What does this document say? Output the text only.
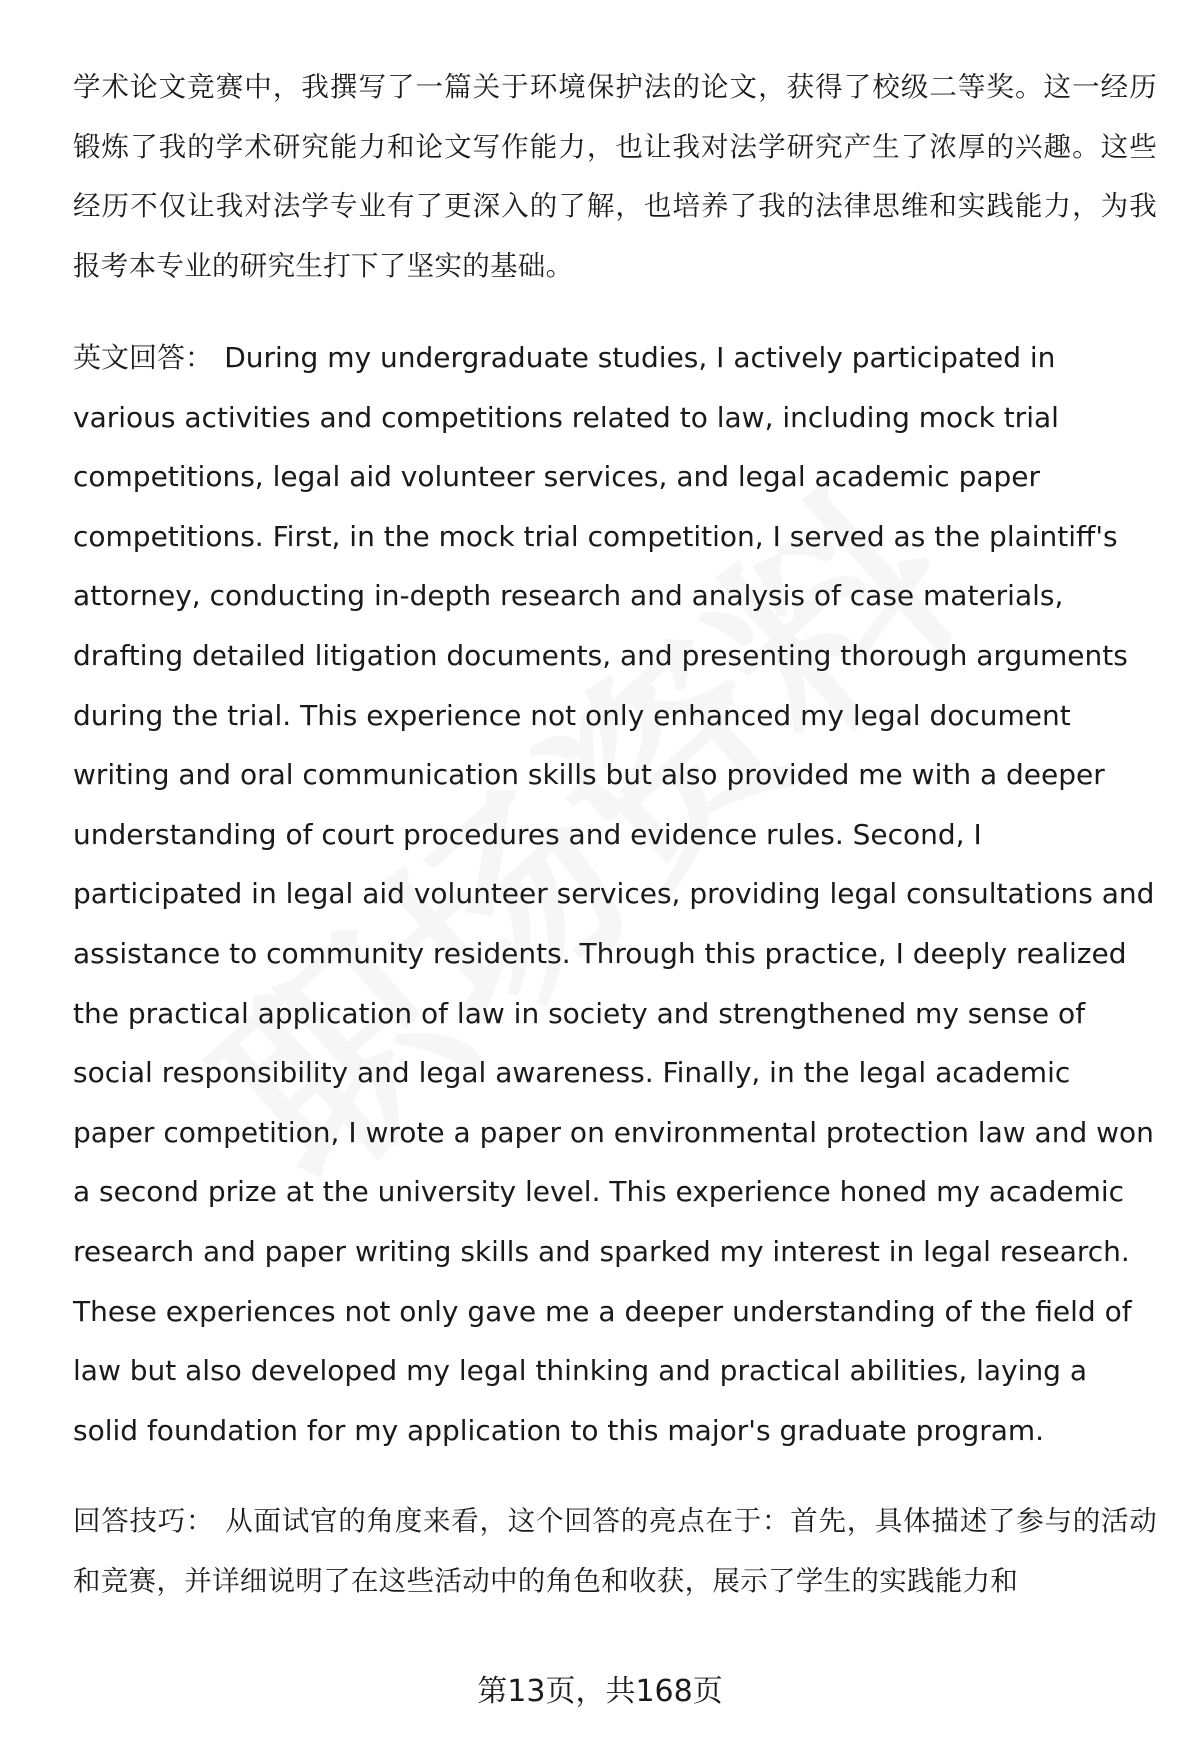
学术论文竞赛中，我撰写了一篇关于环境保护法的论文，获得了校级二等奖。这一经历锻炼了我的学术研究能力和论文写作能力，也让我对法学研究产生了浓厚的兴趣。这些经历不仅让我对法学专业有了更深入的了解，也培养了我的法律思维和实践能力，为我报考本专业的研究生打下了坚实的基础。

英文回答： During my undergraduate studies, I actively participated in various activities and competitions related to law, including mock trial competitions, legal aid volunteer services, and legal academic paper competitions. First, in the mock trial competition, I served as the plaintiff's attorney, conducting in-depth research and analysis of case materials, drafting detailed litigation documents, and presenting thorough arguments during the trial. This experience not only enhanced my legal document writing and oral communication skills but also provided me with a deeper understanding of court procedures and evidence rules. Second, I participated in legal aid volunteer services, providing legal consultations and assistance to community residents. Through this practice, I deeply realized the practical application of law in society and strengthened my sense of social responsibility and legal awareness. Finally, in the legal academic paper competition, I wrote a paper on environmental protection law and won a second prize at the university level. This experience honed my academic research and paper writing skills and sparked my interest in legal research. These experiences not only gave me a deeper understanding of the field of law but also developed my legal thinking and practical abilities, laying a solid foundation for my application to this major's graduate program.

回答技巧： 从面试官的角度来看，这个回答的亮点在于：首先，具体描述了参与的活动和竞赛，并详细说明了在这些活动中的角色和收获，展示了学生的实践能力和

第13页，共168页
